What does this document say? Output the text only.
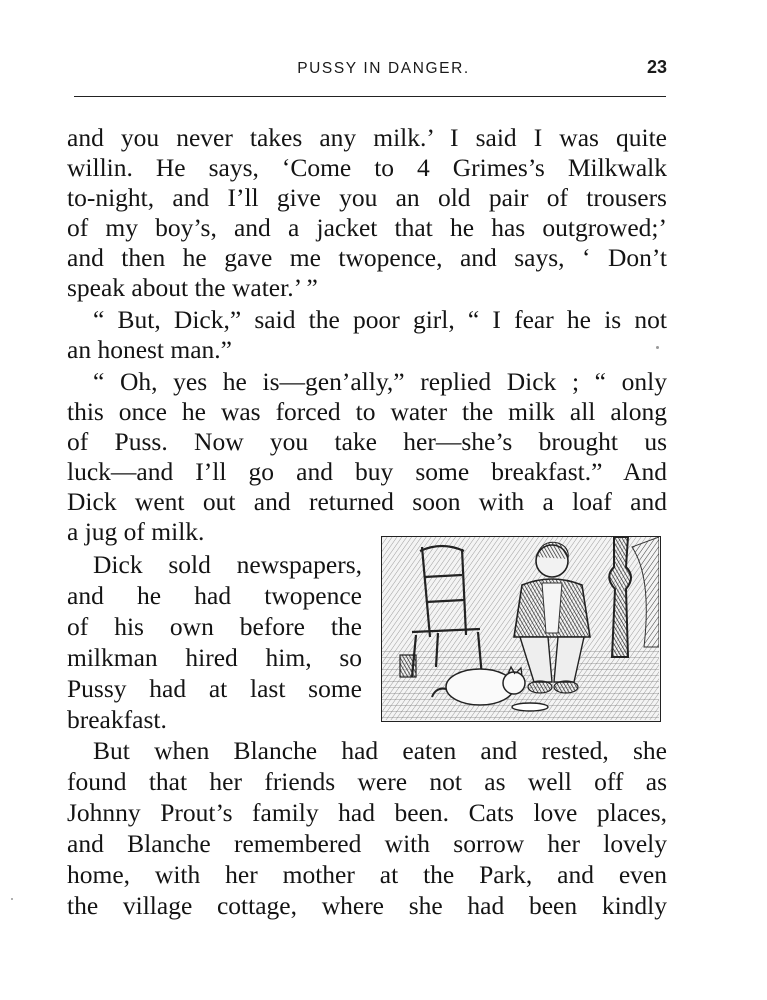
PUSSY IN DANGER.	23
and you never takes any milk.’ I said I was quite
willin. He says, ‘Come to 4 Grimes’s Milkwalk
to-night, and I’ll give you an old pair of trousers
of my boy’s, and a jacket that he has outgrowed;’
and then he gave me twopence, and says, ‘ Don’t
speak about the water.’ ”
“ But, Dick,” said the poor girl, “ I fear he is not
an honest man.”
“ Oh, yes he is—gen’ally,” replied Dick ; “ only
this once he was forced to water the milk all along
of Puss. Now you take her—she’s brought us
luck—and I’ll go and buy some breakfast.” And
Dick went out and returned soon with a loaf and
a jug of milk.
Dick sold newspapers,
and he had twopence
of his own before the
milkman hired him, so
Pussy had at last some
breakfast.
But when Blanche had eaten and rested, she
found that her friends were not as well off as
Johnny Prout’s family had been. Cats love places,
and Blanche remembered with sorrow her lovely
home, with her mother at the Park, and even
the village cottage, where she had been kindly
